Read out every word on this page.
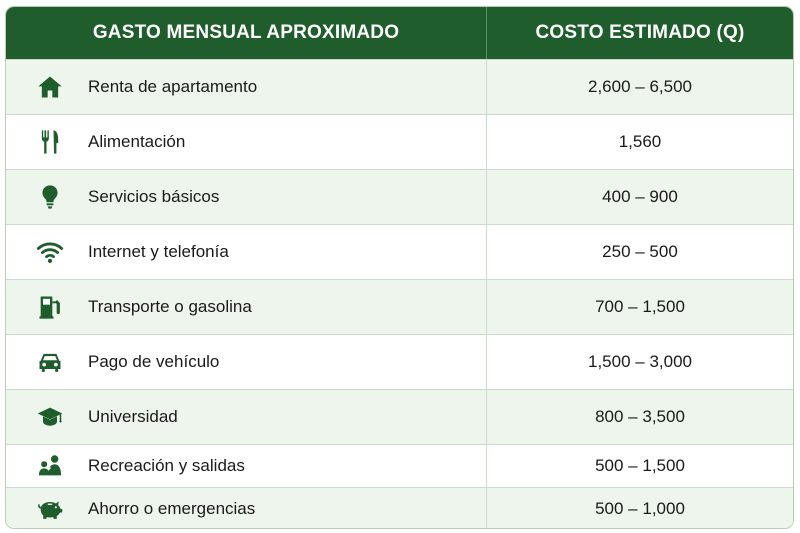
GASTO MENSUAL APROXIMADO	COSTO ESTIMADO (Q)
Renta de apartamento	2,600 – 6,500
Alimentación	1,560
Servicios básicos	400 – 900
Internet y telefonía	250 – 500
Transporte o gasolina	700 – 1,500
Pago de vehículo	1,500 – 3,000
Universidad	800 – 3,500
Recreación y salidas	500 – 1,500
Ahorro o emergencias	500 – 1,000
